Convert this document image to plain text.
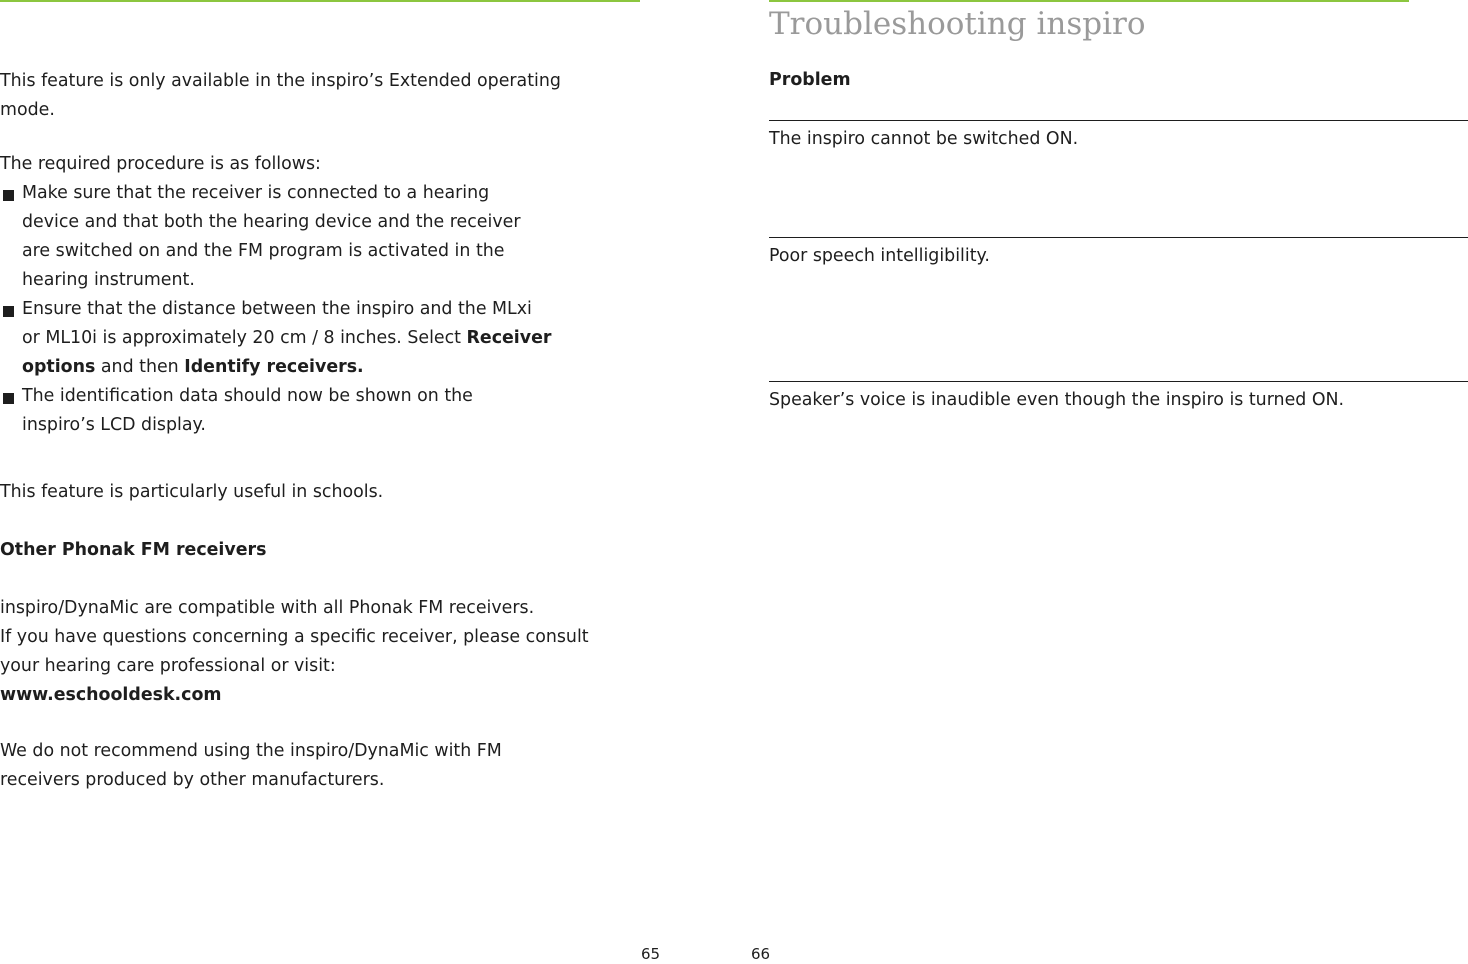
This feature is only available in the inspiro’s Extended operating
mode.
The required procedure is as follows:
Make sure that the receiver is connected to a hearing
device and that both the hearing device and the receiver
are switched on and the FM program is activated in the
hearing instrument.
Ensure that the distance between the inspiro and the MLxi
or ML10i is approximately 20 cm / 8 inches. Select Receiver
options and then Identify receivers.
The identification data should now be shown on the
inspiro’s LCD display.
This feature is particularly useful in schools.
Other Phonak FM receivers
inspiro/DynaMic are compatible with all Phonak FM receivers.
If you have questions concerning a specific receiver, please consult
your hearing care professional or visit:
www.eschooldesk.com
We do not recommend using the inspiro/DynaMic with FM
receivers produced by other manufacturers.
65
Troubleshooting inspiro
Problem
The inspiro cannot be switched ON.
Poor speech intelligibility.
Speaker’s voice is inaudible even though the inspiro is turned ON.
66
